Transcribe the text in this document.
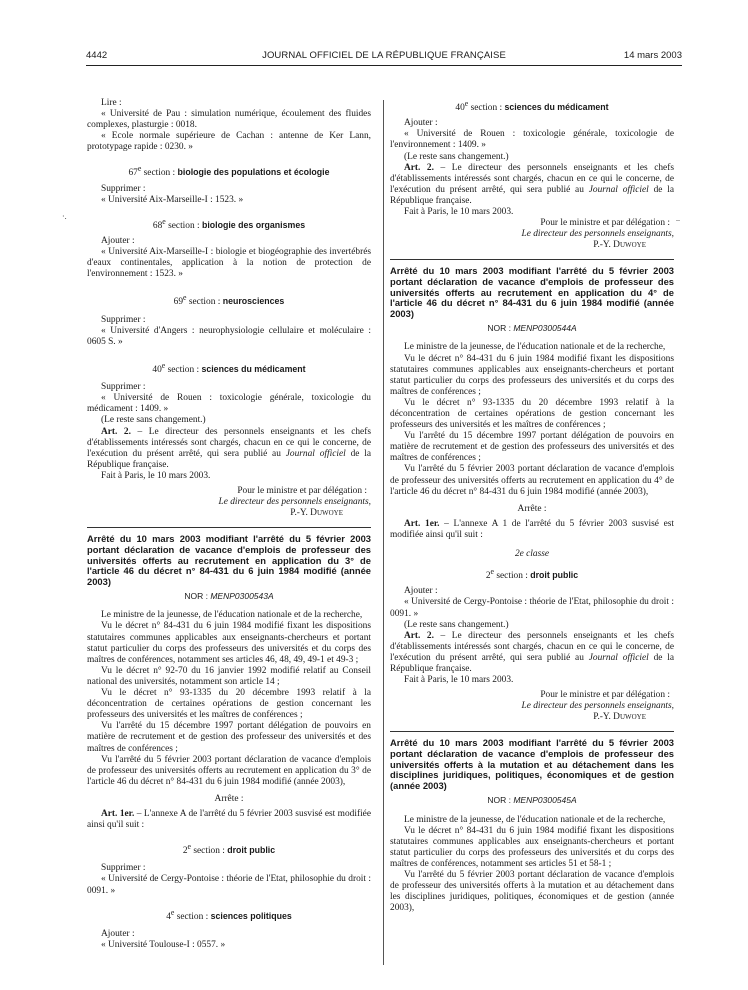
4442	JOURNAL OFFICIEL DE LA RÉPUBLIQUE FRANÇAISE	14 mars 2003
·.	..

Lire :

« Université de Pau : simulation numérique, écoulement des fluides complexes, plasturgie : 0018.

« Ecole normale supérieure de Cachan : antenne de Ker Lann, prototypage rapide : 0230. »

67e section : biologie des populations et écologie

Supprimer :

« Université Aix-Marseille-I : 1523. »

68e section : biologie des organismes

Ajouter :

« Université Aix-Marseille-I : biologie et biogéographie des invertébrés d'eaux continentales, application à la notion de protection de l'environnement : 1523. »

69e section : neurosciences

Supprimer :

« Université d'Angers : neurophysiologie cellulaire et moléculaire : 0605 S. »

40e section : sciences du médicament

Supprimer :

« Université de Rouen : toxicologie générale, toxicologie du médicament : 1409. »

(Le reste sans changement.)

Art. 2. – Le directeur des personnels enseignants et les chefs d'établissements intéressés sont chargés, chacun en ce qui le concerne, de l'exécution du présent arrêté, qui sera publié au Journal officiel de la République française.

Fait à Paris, le 10 mars 2003.

Pour le ministre et par délégation :

Le directeur des personnels enseignants,

P.-Y. Duwoye

Arrêté du 10 mars 2003 modifiant l'arrêté du 5 février 2003 portant déclaration de vacance d'emplois de professeur des universités offerts au recrutement en application du 3° de l'article 46 du décret n° 84-431 du 6 juin 1984 modifié (année 2003)

NOR : MENP0300543A

Le ministre de la jeunesse, de l'éducation nationale et de la recherche,

Vu le décret n° 84-431 du 6 juin 1984 modifié fixant les dispositions statutaires communes applicables aux enseignants-chercheurs et portant statut particulier du corps des professeurs des universités et du corps des maîtres de conférences, notamment ses articles 46, 48, 49, 49-1 et 49-3 ;

Vu le décret n° 92-70 du 16 janvier 1992 modifié relatif au Conseil national des universités, notamment son article 14 ;

Vu le décret n° 93-1335 du 20 décembre 1993 relatif à la déconcentration de certaines opérations de gestion concernant les professeurs des universités et les maîtres de conférences ;

Vu l'arrêté du 15 décembre 1997 portant délégation de pouvoirs en matière de recrutement et de gestion des professeur des universités et des maîtres de conférences ;

Vu l'arrêté du 5 février 2003 portant déclaration de vacance d'emplois de professeur des universités offerts au recrutement en application du 3° de l'article 46 du décret n° 84-431 du 6 juin 1984 modifié (année 2003),

Arrête :

Art. 1er. – L'annexe A de l'arrêté du 5 février 2003 susvisé est modifiée ainsi qu'il suit :

2e section : droit public

Supprimer :

« Université de Cergy-Pontoise : théorie de l'Etat, philosophie du droit : 0091. »

4e section : sciences politiques

Ajouter :

« Université Toulouse-I : 0557. »

40e section : sciences du médicament

Ajouter :

« Université de Rouen : toxicologie générale, toxicologie de l'environnement : 1409. »

(Le reste sans changement.)

Art. 2. – Le directeur des personnels enseignants et les chefs d'établissements intéressés sont chargés, chacun en ce qui le concerne, de l'exécution du présent arrêté, qui sera publié au Journal officiel de la République française.

Fait à Paris, le 10 mars 2003.

Pour le ministre et par délégation :

Le directeur des personnels enseignants,

P.-Y. Duwoye

Arrêté du 10 mars 2003 modifiant l'arrêté du 5 février 2003 portant déclaration de vacance d'emplois de professeur des universités offerts au recrutement en application du 4° de l'article 46 du décret n° 84-431 du 6 juin 1984 modifié (année 2003)

NOR : MENP0300544A

Le ministre de la jeunesse, de l'éducation nationale et de la recherche,

Vu le décret n° 84-431 du 6 juin 1984 modifié fixant les dispositions statutaires communes applicables aux enseignants-chercheurs et portant statut particulier du corps des professeurs des universités et du corps des maîtres de conférences ;

Vu le décret n° 93-1335 du 20 décembre 1993 relatif à la déconcentration de certaines opérations de gestion concernant les professeurs des universités et les maîtres de conférences ;

Vu l'arrêté du 15 décembre 1997 portant délégation de pouvoirs en matière de recrutement et de gestion des professeurs des universités et des maîtres de conférences ;

Vu l'arrêté du 5 février 2003 portant déclaration de vacance d'emplois de professeur des universités offerts au recrutement en application du 4° de l'article 46 du décret n° 84-431 du 6 juin 1984 modifié (année 2003),

Arrête :

Art. 1er. – L'annexe A 1 de l'arrêté du 5 février 2003 susvisé est modifiée ainsi qu'il suit :

2e classe

2e section : droit public

Ajouter :

« Université de Cergy-Pontoise : théorie de l'Etat, philosophie du droit : 0091. »

(Le reste sans changement.)

Art. 2. – Le directeur des personnels enseignants et les chefs d'établissements intéressés sont chargés, chacun en ce qui le concerne, de l'exécution du présent arrêté, qui sera publié au Journal officiel de la République française.

Fait à Paris, le 10 mars 2003.

Pour le ministre et par délégation :

Le directeur des personnels enseignants,

P.-Y. Duwoye

Arrêté du 10 mars 2003 modifiant l'arrêté du 5 février 2003 portant déclaration de vacance d'emplois de professeur des universités offerts à la mutation et au détachement dans les disciplines juridiques, politiques, économiques et de gestion (année 2003)

NOR : MENP0300545A

Le ministre de la jeunesse, de l'éducation nationale et de la recherche,

Vu le décret n° 84-431 du 6 juin 1984 modifié fixant les dispositions statutaires communes applicables aux enseignants-chercheurs et portant statut particulier du corps des professeurs des universités et du corps des maîtres de conférences, notamment ses articles 51 et 58-1 ;

Vu l'arrêté du 5 février 2003 portant déclaration de vacance d'emplois de professeur des universités offerts à la mutation et au détachement dans les disciplines juridiques, politiques, économiques et de gestion (année 2003),
